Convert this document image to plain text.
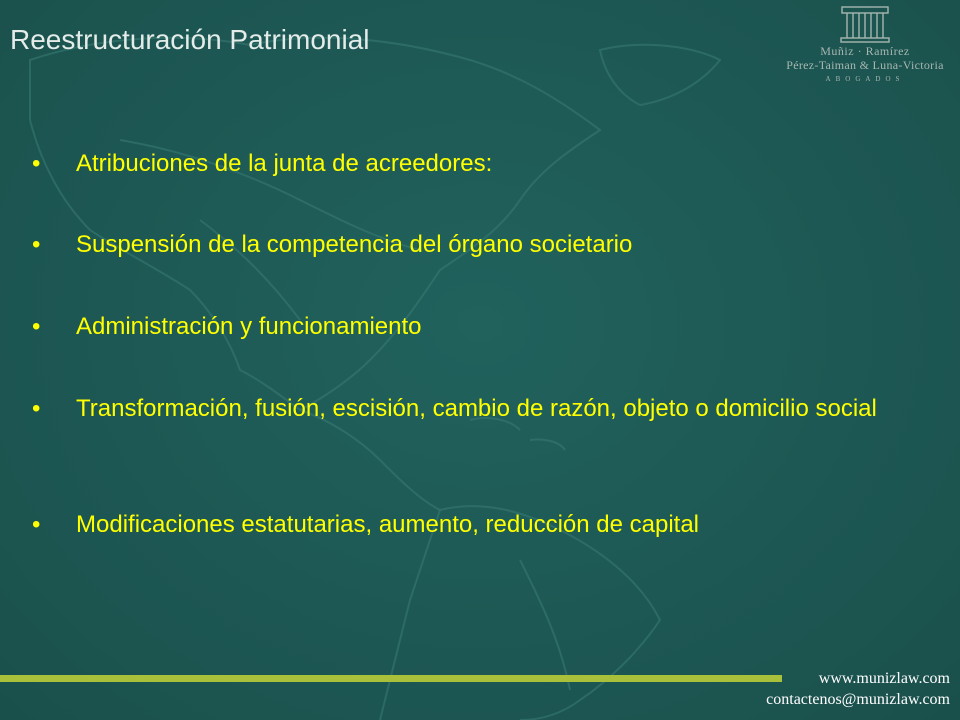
Reestructuración Patrimonial	Muñiz · Ramírez
Pérez-Taiman & Luna-Victoria
ABOGADOS
•	Atribuciones de la junta de acreedores:
•	Suspensión de la competencia del órgano societario
•	Administración y funcionamiento
•	Transformación, fusión, escisión, cambio de razón, objeto o domicilio social
•	Modificaciones estatutarias, aumento, reducción de capital
www.munizlaw.com
contactenos@munizlaw.com
